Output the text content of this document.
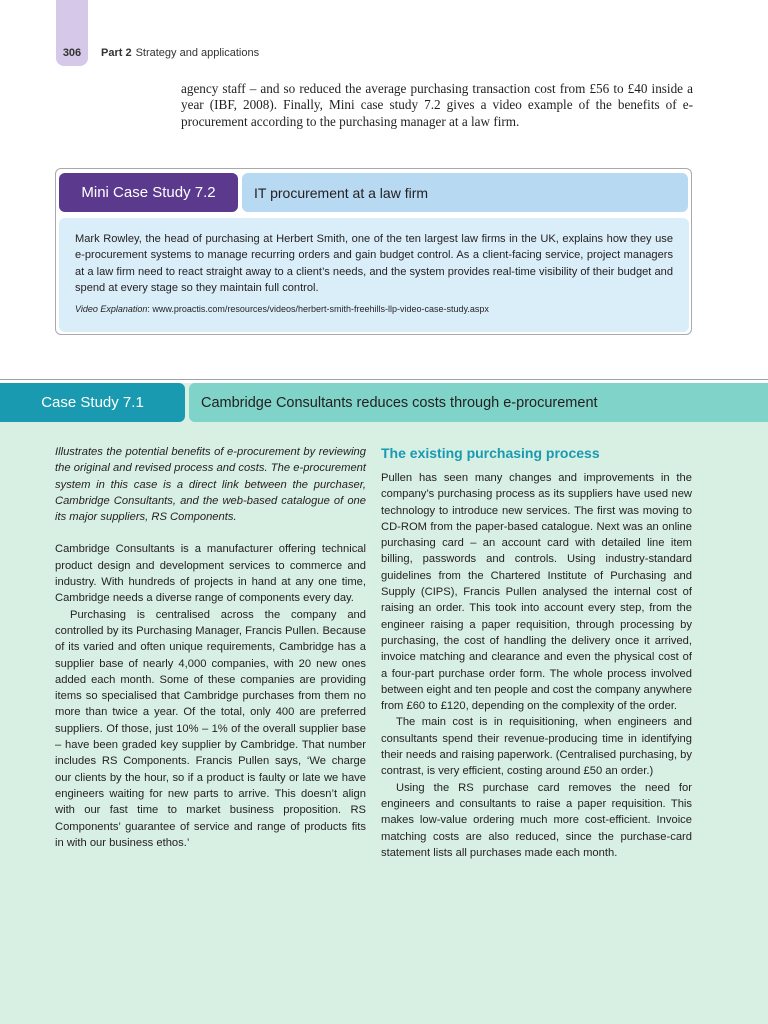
306	Part 2 Strategy and applications

agency staff – and so reduced the average purchasing transaction cost from £56 to £40 inside a year (IBF, 2008). Finally, Mini case study 7.2 gives a video example of the benefits of e-procurement according to the purchasing manager at a law firm.

Mini Case Study 7.2	IT procurement at a law firm

Mark Rowley, the head of purchasing at Herbert Smith, one of the ten largest law firms in the UK, explains how they use e-procurement systems to manage recurring orders and gain budget control. As a client-facing service, project managers at a law firm need to react straight away to a client’s needs, and the system provides real-time visibility of their budget and spend at every stage so they maintain full control.

Video Explanation: www.proactis.com/resources/videos/herbert-smith-freehills-llp-video-case-study.aspx

Case Study 7.1	Cambridge Consultants reduces costs through e-procurement

Illustrates the potential benefits of e-procurement by reviewing the original and revised process and costs. The e-procurement system in this case is a direct link between the purchaser, Cambridge Consultants, and the web-based catalogue of one its major suppliers, RS Components.

Cambridge Consultants is a manufacturer offering technical product design and development services to commerce and industry. With hundreds of projects in hand at any one time, Cambridge needs a diverse range of components every day.

Purchasing is centralised across the company and controlled by its Purchasing Manager, Francis Pullen. Because of its varied and often unique requirements, Cambridge has a supplier base of nearly 4,000 companies, with 20 new ones added each month. Some of these companies are providing items so specialised that Cambridge purchases from them no more than twice a year. Of the total, only 400 are preferred suppliers. Of those, just 10% – 1% of the overall supplier base – have been graded key supplier by Cambridge. That number includes RS Components. Francis Pullen says, ‘We charge our clients by the hour, so if a product is faulty or late we have engineers waiting for new parts to arrive. This doesn’t align with our fast time to market business proposition. RS Components’ guarantee of service and range of products fits in with our business ethos.’

The existing purchasing process

Pullen has seen many changes and improvements in the company’s purchasing process as its suppliers have used new technology to introduce new services. The first was moving to CD-ROM from the paper-based catalogue. Next was an online purchasing card – an account card with detailed line item billing, passwords and controls. Using industry-standard guidelines from the Chartered Institute of Purchasing and Supply (CIPS), Francis Pullen analysed the internal cost of raising an order. This took into account every step, from the engineer raising a paper requisition, through processing by purchasing, the cost of handling the delivery once it arrived, invoice matching and clearance and even the physical cost of a four-part purchase order form. The whole process involved between eight and ten people and cost the company anywhere from £60 to £120, depending on the complexity of the order.

The main cost is in requisitioning, when engineers and consultants spend their revenue-producing time in identifying their needs and raising paperwork. (Centralised purchasing, by contrast, is very efficient, costing around £50 an order.)

Using the RS purchase card removes the need for engineers and consultants to raise a paper requisition. This makes low-value ordering much more cost-efficient. Invoice matching costs are also reduced, since the purchase-card statement lists all purchases made each month.
